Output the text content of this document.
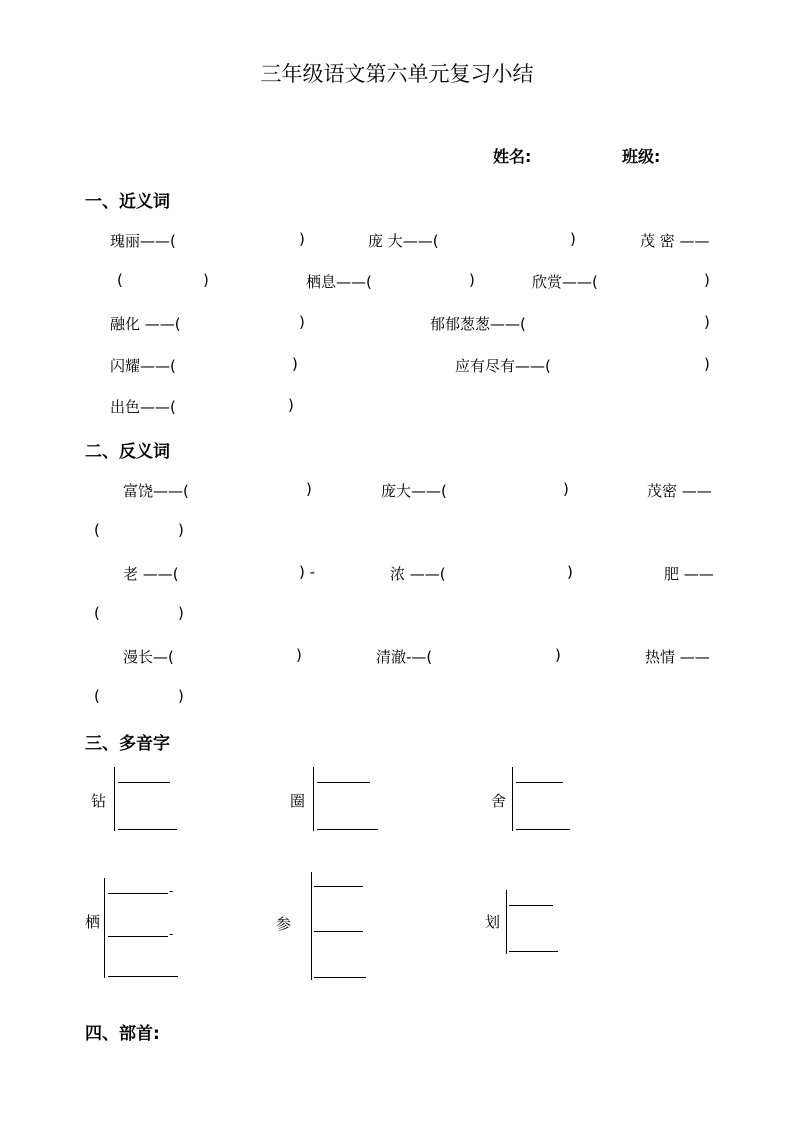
三年级语文第六单元复习小结
姓名:	班级:
一、近义词
瑰丽——(	)	庞 大——(	)	茂 密 ——
(	)	栖息——(	)	欣赏——(	)
融化 ——(	)	郁郁葱葱——(	)
闪耀——(	)	应有尽有——(	)
出色——(	)
二、反义词
富饶——(	)	庞大——(	)	茂密 ——
(	)
老 ——(	) -	浓 ——(	)	肥 ——
(	)
漫长—(	)	清澈-—(	)	热情 ——
(	)
三、多音字
钻	圈	舍
栖
-
-
参	划
四、部首:
